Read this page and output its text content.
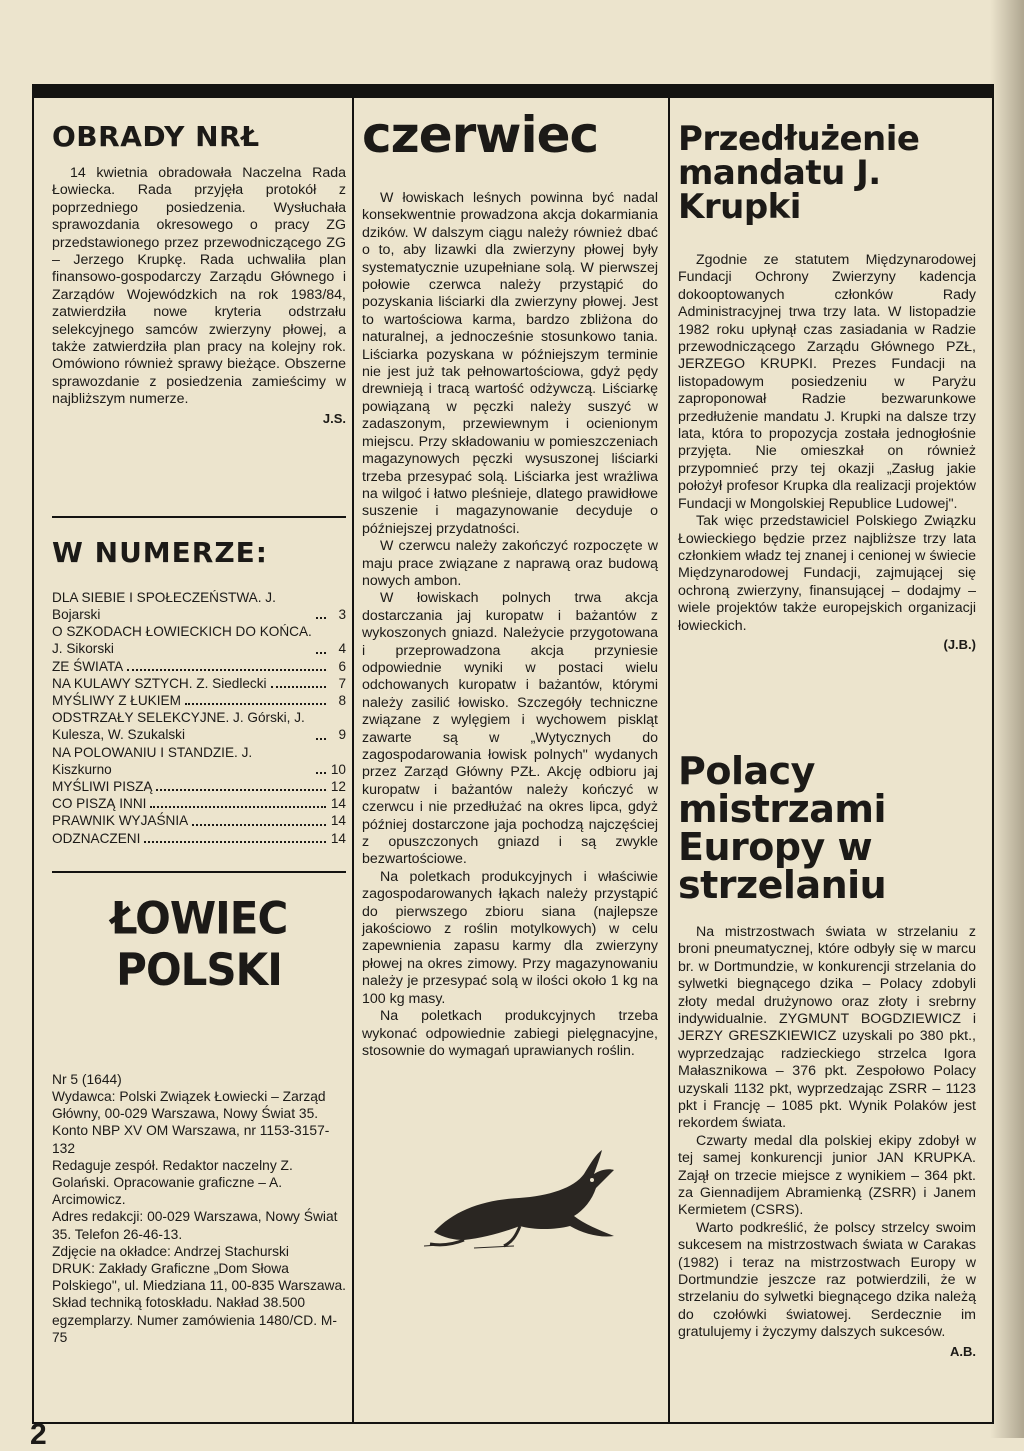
OBRADY NRŁ

14 kwietnia obradowała Naczelna Rada Łowiecka. Rada przyjęła protokół z poprzedniego posiedzenia. Wysłuchała sprawozdania okresowego o pracy ZG przedstawionego przez przewodniczącego ZG – Jerzego Krupkę. Rada uchwaliła plan finansowo-gospodarczy Zarządu Głównego i Zarządów Wojewódzkich na rok 1983/84, zatwierdziła nowe kryteria odstrzału selekcyjnego samców zwierzyny płowej, a także zatwierdziła plan pracy na kolejny rok. Omówiono również sprawy bieżące. Obszerne sprawozdanie z posiedzenia zamieścimy w najbliższym numerze.

J.S.
W NUMERZE:
DLA SIEBIE I SPOŁECZEŃSTWA. J. Bojarski	3
O SZKODACH ŁOWIECKICH DO KOŃCA. J. Sikorski	4
ZE ŚWIATA	6
NA KULAWY SZTYCH. Z. Siedlecki	7
MYŚLIWY Z ŁUKIEM	8
ODSTRZAŁY SELEKCYJNE. J. Górski, J. Kulesza, W. Szukalski	9
NA POLOWANIU I STANDZIE. J. Kiszkurno	10
MYŚLIWI PISZĄ	12
CO PISZĄ INNI	14
PRAWNIK WYJAŚNIA	14
ODZNACZENI	14
ŁOWIEC POLSKI
Nr 5 (1644)
Wydawca: Polski Związek Łowiecki – Zarząd Główny, 00-029 Warszawa, Nowy Świat 35.
Konto NBP XV OM Warszawa, nr 1153-3157-132
Redaguje zespół. Redaktor naczelny Z. Golański. Opracowanie graficzne – A. Arcimowicz.
Adres redakcji: 00-029 Warszawa, Nowy Świat 35. Telefon 26-46-13.
Zdjęcie na okładce: Andrzej Stachurski
DRUK: Zakłady Graficzne „Dom Słowa Polskiego", ul. Miedziana 11, 00-835 Warszawa. Skład techniką fotoskładu. Nakład 38.500 egzemplarzy. Numer zamówienia 1480/CD. M-75
czerwiec

W łowiskach leśnych powinna być nadal konsekwentnie prowadzona akcja dokarmiania dzików. W dalszym ciągu należy również dbać o to, aby lizawki dla zwierzyny płowej były systematycznie uzupełniane solą. W pierwszej połowie czerwca należy przystąpić do pozyskania liściarki dla zwierzyny płowej. Jest to wartościowa karma, bardzo zbliżona do naturalnej, a jednocześnie stosunkowo tania. Liściarka pozyskana w późniejszym terminie nie jest już tak pełnowartościowa, gdyż pędy drewnieją i tracą wartość odżywczą. Liściarkę powiązaną w pęczki należy suszyć w zadaszonym, przewiewnym i ocienionym miejscu. Przy składowaniu w pomieszczeniach magazynowych pęczki wysuszonej liściarki trzeba przesypać solą. Liściarka jest wrażliwa na wilgoć i łatwo pleśnieje, dlatego prawidłowe suszenie i magazynowanie decyduje o późniejszej przydatności.

W czerwcu należy zakończyć rozpoczęte w maju prace związane z naprawą oraz budową nowych ambon.

W łowiskach polnych trwa akcja dostarczania jaj kuropatw i bażantów z wykoszonych gniazd. Należycie przygotowana i przeprowadzona akcja przyniesie odpowiednie wyniki w postaci wielu odchowanych kuropatw i bażantów, którymi należy zasilić łowisko. Szczegóły techniczne związane z wylęgiem i wychowem piskląt zawarte są w „Wytycznych do zagospodarowania łowisk polnych" wydanych przez Zarząd Główny PZŁ. Akcję odbioru jaj kuropatw i bażantów należy kończyć w czerwcu i nie przedłużać na okres lipca, gdyż później dostarczone jaja pochodzą najczęściej z opuszczonych gniazd i są zwykle bezwartościowe.

Na poletkach produkcyjnych i właściwie zagospodarowanych łąkach należy przystąpić do pierwszego zbioru siana (najlepsze jakościowo z roślin motylkowych) w celu zapewnienia zapasu karmy dla zwierzyny płowej na okres zimowy. Przy magazynowaniu należy je przesypać solą w ilości około 1 kg na 100 kg masy.

Na poletkach produkcyjnych trzeba wykonać odpowiednie zabiegi pielęgnacyjne, stosownie do wymagań uprawianych roślin.

Przedłużenie mandatu J. Krupki

Zgodnie ze statutem Międzynarodowej Fundacji Ochrony Zwierzyny kadencja dokooptowanych członków Rady Administracyjnej trwa trzy lata. W listopadzie 1982 roku upłynął czas zasiadania w Radzie przewodniczącego Zarządu Głównego PZŁ, JERZEGO KRUPKI. Prezes Fundacji na listopadowym posiedzeniu w Paryżu zaproponował Radzie bezwarunkowe przedłużenie mandatu J. Krupki na dalsze trzy lata, która to propozycja została jednogłośnie przyjęta. Nie omieszkał on również przypomnieć przy tej okazji „Zasług jakie położył profesor Krupka dla realizacji projektów Fundacji w Mongolskiej Republice Ludowej".

Tak więc przedstawiciel Polskiego Związku Łowieckiego będzie przez najbliższe trzy lata członkiem władz tej znanej i cenionej w świecie Międzynarodowej Fundacji, zajmującej się ochroną zwierzyny, finansującej – dodajmy – wiele projektów także europejskich organizacji łowieckich.

(J.B.)
Polacy mistrzami Europy w strzelaniu

Na mistrzostwach świata w strzelaniu z broni pneumatycznej, które odbyły się w marcu br. w Dortmundzie, w konkurencji strzelania do sylwetki biegnącego dzika – Polacy zdobyli złoty medal drużynowo oraz złoty i srebrny indywidualnie. ZYGMUNT BOGDZIEWICZ i JERZY GRESZKIEWICZ uzyskali po 380 pkt., wyprzedzając radzieckiego strzelca Igora Małasznikowa – 376 pkt. Zespołowo Polacy uzyskali 1132 pkt, wyprzedzając ZSRR – 1123 pkt i Francję – 1085 pkt. Wynik Polaków jest rekordem świata.

Czwarty medal dla polskiej ekipy zdobył w tej samej konkurencji junior JAN KRUPKA. Zajął on trzecie miejsce z wynikiem – 364 pkt. za Giennadijem Abramienką (ZSRR) i Janem Kermietem (CSRS).

Warto podkreślić, że polscy strzelcy swoim sukcesem na mistrzostwach świata w Carakas (1982) i teraz na mistrzostwach Europy w Dortmundzie jeszcze raz potwierdzili, że w strzelaniu do sylwetki biegnącego dzika należą do czołówki światowej. Serdecznie im gratulujemy i życzymy dalszych sukcesów.

A.B.
2
